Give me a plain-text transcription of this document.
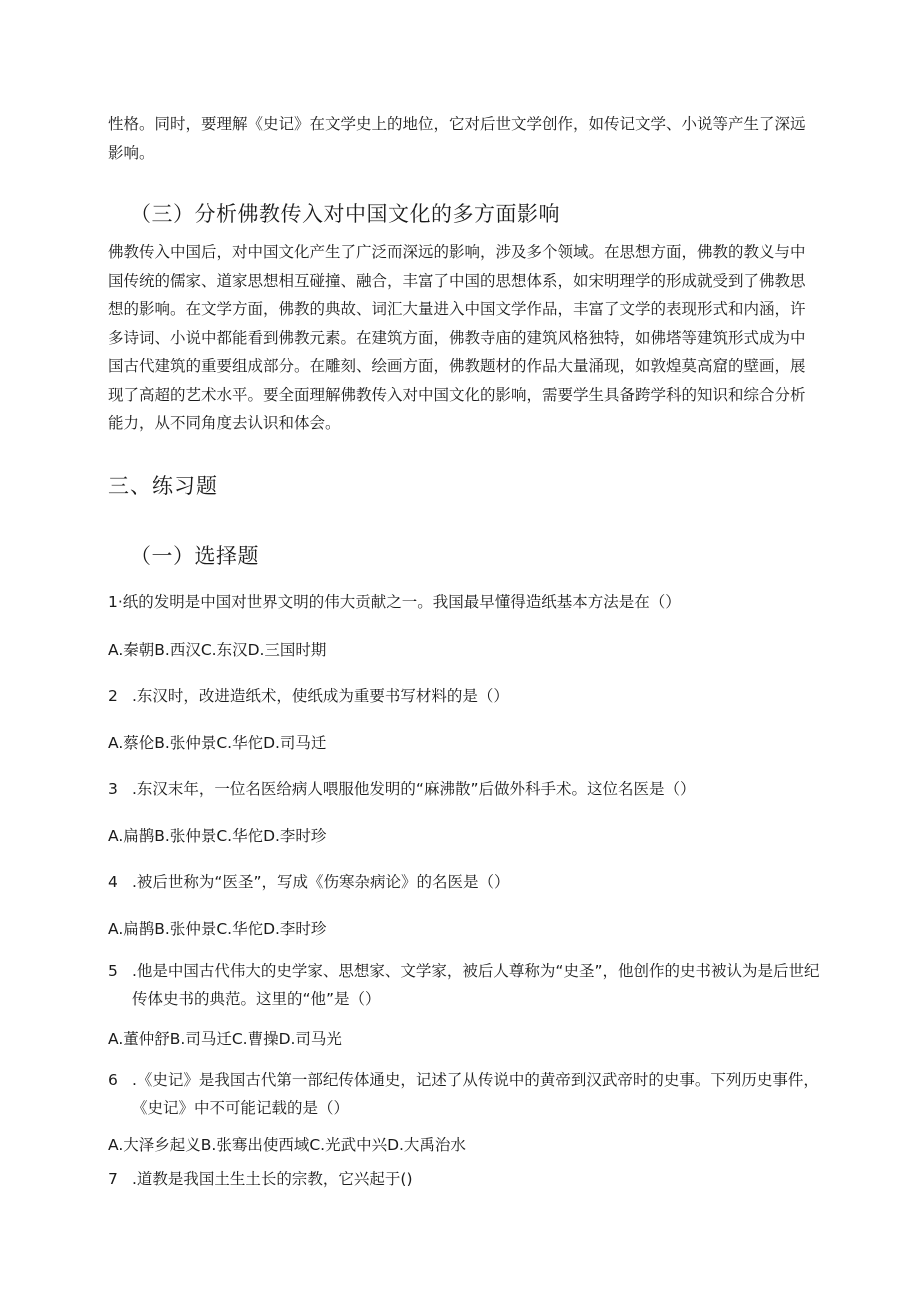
性格。同时，要理解《史记》在文学史上的地位，它对后世文学创作，如传记文学、小说等产生了深远影响。

（三）分析佛教传入对中国文化的多方面影响

佛教传入中国后，对中国文化产生了广泛而深远的影响，涉及多个领域。在思想方面，佛教的教义与中国传统的儒家、道家思想相互碰撞、融合，丰富了中国的思想体系，如宋明理学的形成就受到了佛教思想的影响。在文学方面，佛教的典故、词汇大量进入中国文学作品，丰富了文学的表现形式和内涵，许多诗词、小说中都能看到佛教元素。在建筑方面，佛教寺庙的建筑风格独特，如佛塔等建筑形式成为中国古代建筑的重要组成部分。在雕刻、绘画方面，佛教题材的作品大量涌现，如敦煌莫高窟的壁画，展现了高超的艺术水平。要全面理解佛教传入对中国文化的影响，需要学生具备跨学科的知识和综合分析能力，从不同角度去认识和体会。

三、练习题
（一）选择题

1·纸的发明是中国对世界文明的伟大贡献之一。我国最早懂得造纸基本方法是在（）

A.秦朝B.西汉C.东汉D.三国时期

2 .东汉时，改进造纸术，使纸成为重要书写材料的是（）

A.蔡伦B.张仲景C.华佗D.司马迁

3 .东汉末年，一位名医给病人喂服他发明的“麻沸散”后做外科手术。这位名医是（）

A.扁鹊B.张仲景C.华佗D.李时珍

4 .被后世称为“医圣”，写成《伤寒杂病论》的名医是（）

A.扁鹊B.张仲景C.华佗D.李时珍

5 .他是中国古代伟大的史学家、思想家、文学家，被后人尊称为“史圣”，他创作的史书被认为是后世纪传体史书的典范。这里的“他”是（）

A.董仲舒B.司马迁C.曹操D.司马光

6 .《史记》是我国古代第一部纪传体通史，记述了从传说中的黄帝到汉武帝时的史事。下列历史事件，《史记》中不可能记载的是（）

A.大泽乡起义B.张骞出使西域C.光武中兴D.大禹治水

7 .道教是我国土生土长的宗教，它兴起于()
